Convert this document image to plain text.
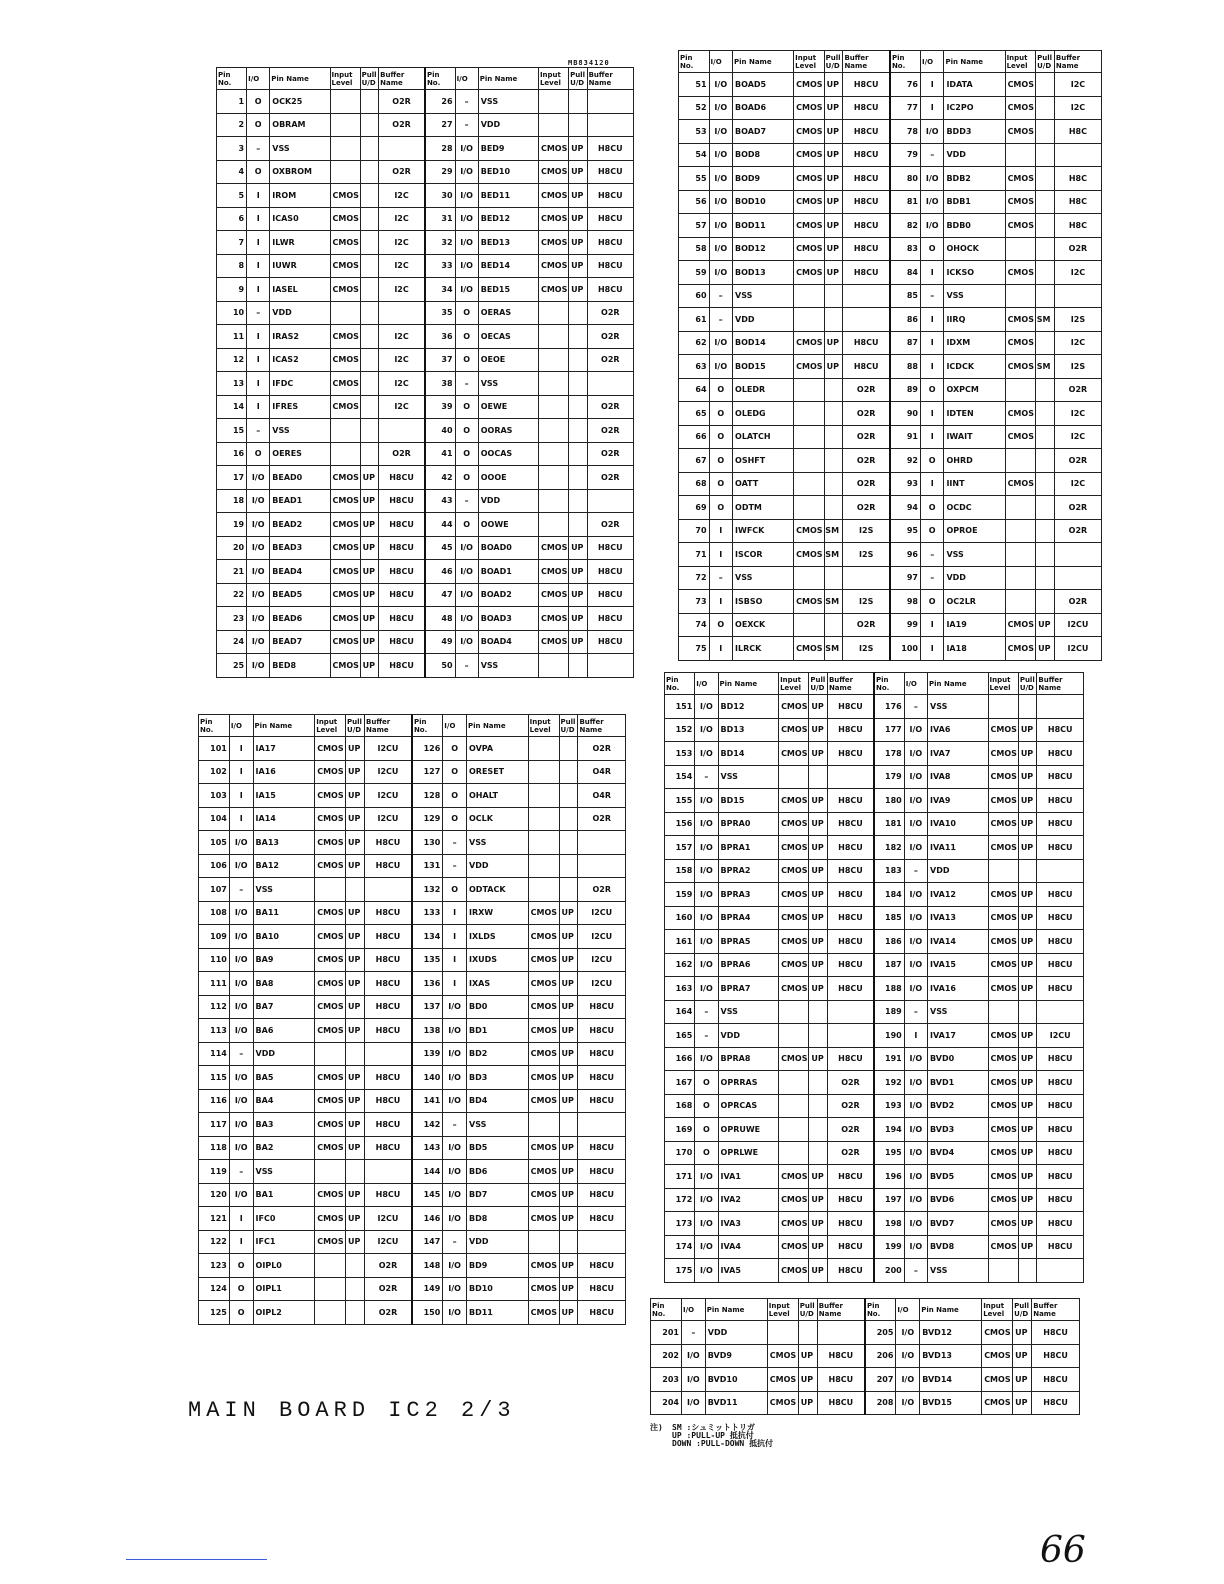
MB834120
Pin No.	I/O	Pin Name	Input Level	Pull U/D	Buffer Name	Pin No.	I/O	Pin Name	Input Level	Pull U/D	Buffer Name
1	O	OCK25			O2R	26	–	VSS			
2	O	OBRAM			O2R	27	–	VDD			
3	–	VSS				28	I/O	BED9	CMOS	UP	H8CU
4	O	OXBROM			O2R	29	I/O	BED10	CMOS	UP	H8CU
5	I	IROM	CMOS		I2C	30	I/O	BED11	CMOS	UP	H8CU
6	I	ICAS0	CMOS		I2C	31	I/O	BED12	CMOS	UP	H8CU
7	I	ILWR	CMOS		I2C	32	I/O	BED13	CMOS	UP	H8CU
8	I	IUWR	CMOS		I2C	33	I/O	BED14	CMOS	UP	H8CU
9	I	IASEL	CMOS		I2C	34	I/O	BED15	CMOS	UP	H8CU
10	–	VDD				35	O	OERAS			O2R
11	I	IRAS2	CMOS		I2C	36	O	OECAS			O2R
12	I	ICAS2	CMOS		I2C	37	O	OEOE			O2R
13	I	IFDC	CMOS		I2C	38	–	VSS			
14	I	IFRES	CMOS		I2C	39	O	OEWE			O2R
15	–	VSS				40	O	OORAS			O2R
16	O	OERES			O2R	41	O	OOCAS			O2R
17	I/O	BEAD0	CMOS	UP	H8CU	42	O	OOOE			O2R
18	I/O	BEAD1	CMOS	UP	H8CU	43	–	VDD			
19	I/O	BEAD2	CMOS	UP	H8CU	44	O	OOWE			O2R
20	I/O	BEAD3	CMOS	UP	H8CU	45	I/O	BOAD0	CMOS	UP	H8CU
21	I/O	BEAD4	CMOS	UP	H8CU	46	I/O	BOAD1	CMOS	UP	H8CU
22	I/O	BEAD5	CMOS	UP	H8CU	47	I/O	BOAD2	CMOS	UP	H8CU
23	I/O	BEAD6	CMOS	UP	H8CU	48	I/O	BOAD3	CMOS	UP	H8CU
24	I/O	BEAD7	CMOS	UP	H8CU	49	I/O	BOAD4	CMOS	UP	H8CU
25	I/O	BED8	CMOS	UP	H8CU	50	–	VSS			
Pin No.	I/O	Pin Name	Input Level	Pull U/D	Buffer Name	Pin No.	I/O	Pin Name	Input Level	Pull U/D	Buffer Name
51	I/O	BOAD5	CMOS	UP	H8CU	76	I	IDATA	CMOS		I2C
52	I/O	BOAD6	CMOS	UP	H8CU	77	I	IC2PO	CMOS		I2C
53	I/O	BOAD7	CMOS	UP	H8CU	78	I/O	BDD3	CMOS		H8C
54	I/O	BOD8	CMOS	UP	H8CU	79	–	VDD			
55	I/O	BOD9	CMOS	UP	H8CU	80	I/O	BDB2	CMOS		H8C
56	I/O	BOD10	CMOS	UP	H8CU	81	I/O	BDB1	CMOS		H8C
57	I/O	BOD11	CMOS	UP	H8CU	82	I/O	BDB0	CMOS		H8C
58	I/O	BOD12	CMOS	UP	H8CU	83	O	OHOCK			O2R
59	I/O	BOD13	CMOS	UP	H8CU	84	I	ICKSO	CMOS		I2C
60	–	VSS				85	–	VSS			
61	–	VDD				86	I	IIRQ	CMOS SM		I2S
62	I/O	BOD14	CMOS	UP	H8CU	87	I	IDXM	CMOS		I2C
63	I/O	BOD15	CMOS	UP	H8CU	88	I	ICDCK	CMOS SM		I2S
64	O	OLEDR			O2R	89	O	OXPCM			O2R
65	O	OLEDG			O2R	90	I	IDTEN	CMOS		I2C
66	O	OLATCH			O2R	91	I	IWAIT	CMOS		I2C
67	O	OSHFT			O2R	92	O	OHRD			O2R
68	O	OATT			O2R	93	I	IINT	CMOS		I2C
69	O	ODTM			O2R	94	O	OCDC			O2R
70	I	IWFCK	CMOS SM		I2S	95	O	OPROE			O2R
71	I	ISCOR	CMOS SM		I2S	96	–	VSS			
72	–	VSS				97	–	VDD			
73	I	ISBSO	CMOS SM		I2S	98	O	OC2LR			O2R
74	O	OEXCK			O2R	99	I	IA19	CMOS	UP	I2CU
75	I	ILRCK	CMOS SM		I2S	100	I	IA18	CMOS	UP	I2CU
Pin No.	I/O	Pin Name	Input Level	Pull U/D	Buffer Name	Pin No.	I/O	Pin Name	Input Level	Pull U/D	Buffer Name
101	I	IA17	CMOS	UP	I2CU	126	O	OVPA			O2R
102	I	IA16	CMOS	UP	I2CU	127	O	ORESET			O4R
103	I	IA15	CMOS	UP	I2CU	128	O	OHALT			O4R
104	I	IA14	CMOS	UP	I2CU	129	O	OCLK			O2R
105	I/O	BA13	CMOS	UP	H8CU	130	–	VSS			
106	I/O	BA12	CMOS	UP	H8CU	131	–	VDD			
107	–	VSS				132	O	ODTACK			O2R
108	I/O	BA11	CMOS	UP	H8CU	133	I	IRXW	CMOS	UP	I2CU
109	I/O	BA10	CMOS	UP	H8CU	134	I	IXLDS	CMOS	UP	I2CU
110	I/O	BA9	CMOS	UP	H8CU	135	I	IXUDS	CMOS	UP	I2CU
111	I/O	BA8	CMOS	UP	H8CU	136	I	IXAS	CMOS	UP	I2CU
112	I/O	BA7	CMOS	UP	H8CU	137	I/O	BD0	CMOS	UP	H8CU
113	I/O	BA6	CMOS	UP	H8CU	138	I/O	BD1	CMOS	UP	H8CU
114	–	VDD				139	I/O	BD2	CMOS	UP	H8CU
115	I/O	BA5	CMOS	UP	H8CU	140	I/O	BD3	CMOS	UP	H8CU
116	I/O	BA4	CMOS	UP	H8CU	141	I/O	BD4	CMOS	UP	H8CU
117	I/O	BA3	CMOS	UP	H8CU	142	–	VSS			
118	I/O	BA2	CMOS	UP	H8CU	143	I/O	BD5	CMOS	UP	H8CU
119	–	VSS				144	I/O	BD6	CMOS	UP	H8CU
120	I/O	BA1	CMOS	UP	H8CU	145	I/O	BD7	CMOS	UP	H8CU
121	I	IFC0	CMOS	UP	I2CU	146	I/O	BD8	CMOS	UP	H8CU
122	I	IFC1	CMOS	UP	I2CU	147	–	VDD			
123	O	OIPL0			O2R	148	I/O	BD9	CMOS	UP	H8CU
124	O	OIPL1			O2R	149	I/O	BD10	CMOS	UP	H8CU
125	O	OIPL2			O2R	150	I/O	BD11	CMOS	UP	H8CU
Pin No.	I/O	Pin Name	Input Level	Pull U/D	Buffer Name	Pin No.	I/O	Pin Name	Input Level	Pull U/D	Buffer Name
151	I/O	BD12	CMOS	UP	H8CU	176	–	VSS			
152	I/O	BD13	CMOS	UP	H8CU	177	I/O	IVA6	CMOS	UP	H8CU
153	I/O	BD14	CMOS	UP	H8CU	178	I/O	IVA7	CMOS	UP	H8CU
154	–	VSS				179	I/O	IVA8	CMOS	UP	H8CU
155	I/O	BD15	CMOS	UP	H8CU	180	I/O	IVA9	CMOS	UP	H8CU
156	I/O	BPRA0	CMOS	UP	H8CU	181	I/O	IVA10	CMOS	UP	H8CU
157	I/O	BPRA1	CMOS	UP	H8CU	182	I/O	IVA11	CMOS	UP	H8CU
158	I/O	BPRA2	CMOS	UP	H8CU	183	–	VDD			
159	I/O	BPRA3	CMOS	UP	H8CU	184	I/O	IVA12	CMOS	UP	H8CU
160	I/O	BPRA4	CMOS	UP	H8CU	185	I/O	IVA13	CMOS	UP	H8CU
161	I/O	BPRA5	CMOS	UP	H8CU	186	I/O	IVA14	CMOS	UP	H8CU
162	I/O	BPRA6	CMOS	UP	H8CU	187	I/O	IVA15	CMOS	UP	H8CU
163	I/O	BPRA7	CMOS	UP	H8CU	188	I/O	IVA16	CMOS	UP	H8CU
164	–	VSS				189	–	VSS			
165	–	VDD				190	I	IVA17	CMOS	UP	I2CU
166	I/O	BPRA8	CMOS	UP	H8CU	191	I/O	BVD0	CMOS	UP	H8CU
167	O	OPRRAS			O2R	192	I/O	BVD1	CMOS	UP	H8CU
168	O	OPRCAS			O2R	193	I/O	BVD2	CMOS	UP	H8CU
169	O	OPRUWE			O2R	194	I/O	BVD3	CMOS	UP	H8CU
170	O	OPRLWE			O2R	195	I/O	BVD4	CMOS	UP	H8CU
171	I/O	IVA1	CMOS	UP	H8CU	196	I/O	BVD5	CMOS	UP	H8CU
172	I/O	IVA2	CMOS	UP	H8CU	197	I/O	BVD6	CMOS	UP	H8CU
173	I/O	IVA3	CMOS	UP	H8CU	198	I/O	BVD7	CMOS	UP	H8CU
174	I/O	IVA4	CMOS	UP	H8CU	199	I/O	BVD8	CMOS	UP	H8CU
175	I/O	IVA5	CMOS	UP	H8CU	200	–	VSS			
Pin No.	I/O	Pin Name	Input Level	Pull U/D	Buffer Name	Pin No.	I/O	Pin Name	Input Level	Pull U/D	Buffer Name
201	–	VDD				205	I/O	BVD12	CMOS	UP	H8CU
202	I/O	BVD9	CMOS	UP	H8CU	206	I/O	BVD13	CMOS	UP	H8CU
203	I/O	BVD10	CMOS	UP	H8CU	207	I/O	BVD14	CMOS	UP	H8CU
204	I/O	BVD11	CMOS	UP	H8CU	208	I/O	BVD15	CMOS	UP	H8CU
MAIN BOARD IC2 2/3
注) SM :シュミットトリガ
UP :PULL-UP 抵抗付
DOWN :PULL-DOWN 抵抗付
66
